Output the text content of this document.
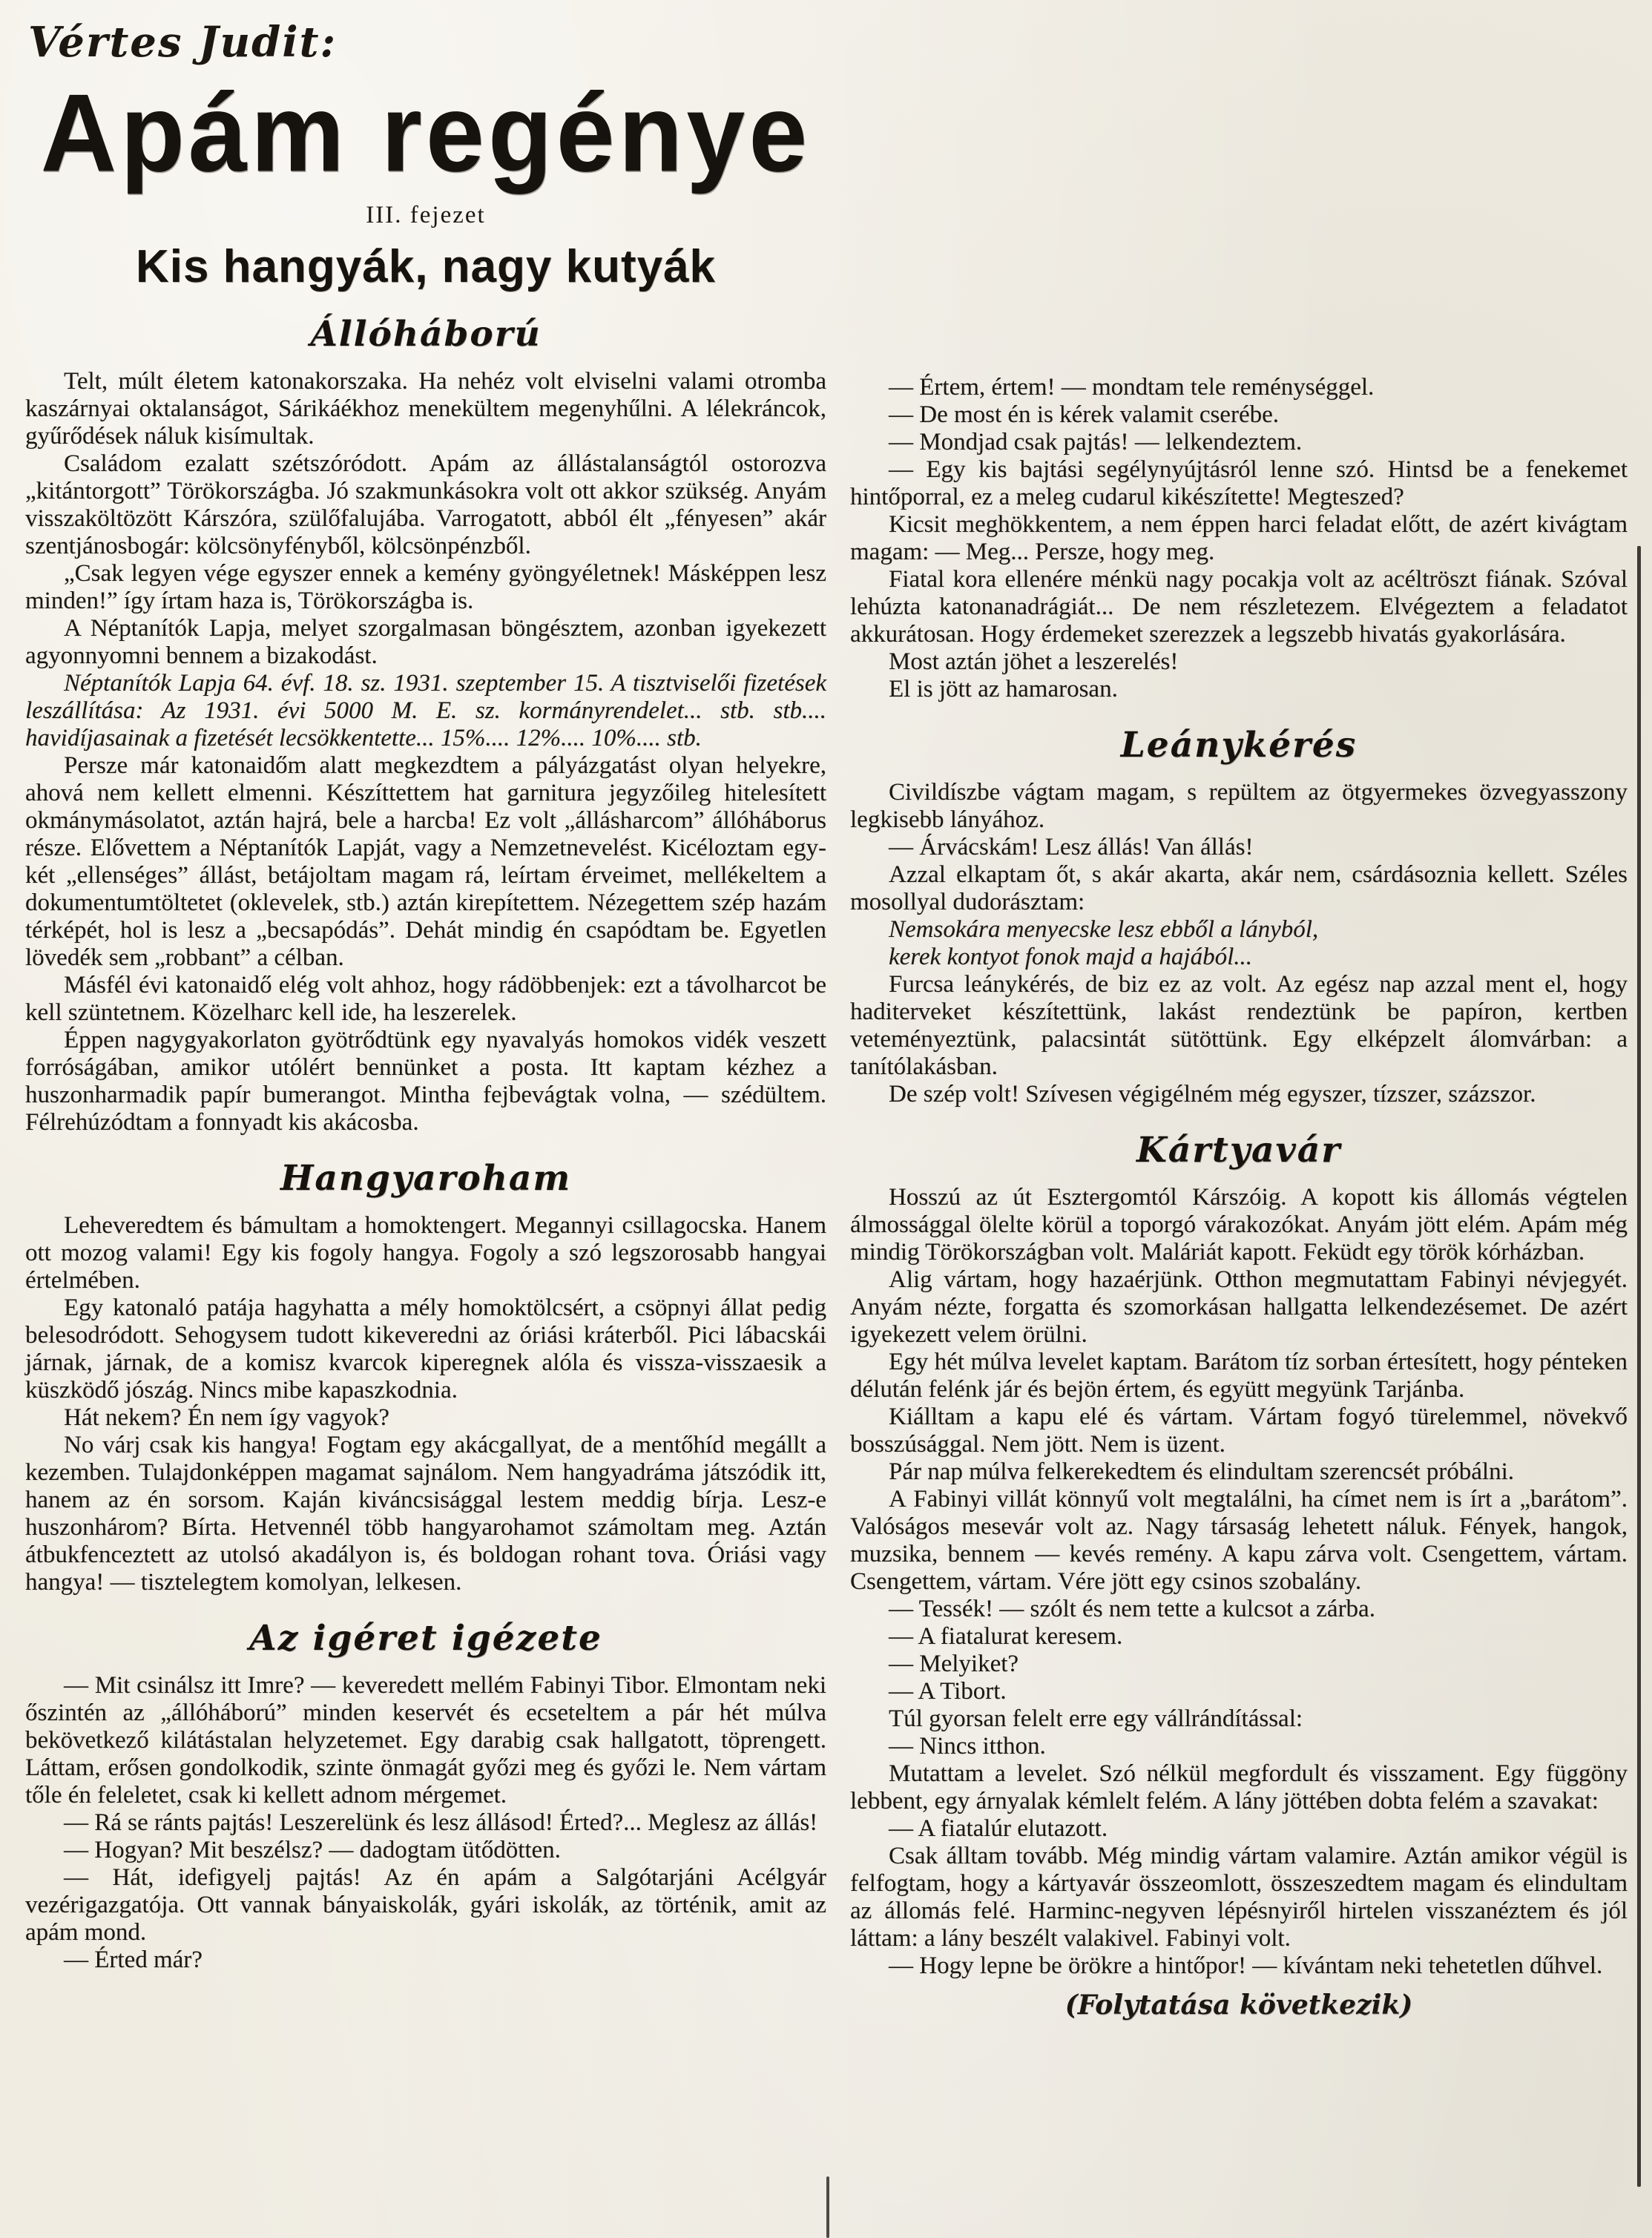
Vértes Judit:
Apám regénye
III. fejezet
Kis hangyák, nagy kutyák
Állóháború

Telt, múlt életem katonakorszaka. Ha nehéz volt elviselni valami otromba kaszárnyai oktalanságot, Sárikáékhoz menekültem megenyhűlni. A lélekráncok, gyűrődések náluk kisímultak.

Családom ezalatt szétszóródott. Apám az állástalanságtól ostorozva „kitántorgott” Törökországba. Jó szakmunkásokra volt ott akkor szükség. Anyám visszaköltözött Kárszóra, szülőfalujába. Varrogatott, abból élt „fényesen” akár szentjánosbogár: kölcsönyfényből, kölcsönpénzből.

„Csak legyen vége egyszer ennek a kemény gyöngyéletnek! Másképpen lesz minden!” így írtam haza is, Törökországba is.

A Néptanítók Lapja, melyet szorgalmasan böngésztem, azonban igyekezett agyonnyomni bennem a bizakodást.

Néptanítók Lapja 64. évf. 18. sz. 1931. szeptember 15. A tisztviselői fizetések leszállítása: Az 1931. évi 5000 M. E. sz. kormányrendelet... stb. stb.... havidíjasainak a fizetését lecsökkentette... 15%.... 12%.... 10%.... stb.

Persze már katonaidőm alatt megkezdtem a pályázgatást olyan helyekre, ahová nem kellett elmenni. Készíttettem hat garnitura jegyzőileg hitelesített okmánymásolatot, aztán hajrá, bele a harcba! Ez volt „állásharcom” állóháborus része. Elővettem a Néptanítók Lapját, vagy a Nemzetnevelést. Kicéloztam egy-két „ellenséges” állást, betájoltam magam rá, leírtam érveimet, mellékeltem a dokumentumtöltetet (oklevelek, stb.) aztán kirepítettem. Nézegettem szép hazám térképét, hol is lesz a „becsapódás”. Dehát mindig én csapódtam be. Egyetlen lövedék sem „robbant” a célban.

Másfél évi katonaidő elég volt ahhoz, hogy rádöbbenjek: ezt a távolharcot be kell szüntetnem. Közelharc kell ide, ha leszerelek.

Éppen nagygyakorlaton gyötrődtünk egy nyavalyás homokos vidék veszett forróságában, amikor utólért bennünket a posta. Itt kaptam kézhez a huszonharmadik papír bumerangot. Mintha fejbevágtak volna, — szédültem. Félrehúzódtam a fonnyadt kis akácosba.

Hangyaroham

Leheveredtem és bámultam a homoktengert. Megannyi csillagocska. Hanem ott mozog valami! Egy kis fogoly hangya. Fogoly a szó legszorosabb hangyai értelmében.

Egy katonaló patája hagyhatta a mély homoktölcsért, a csöpnyi állat pedig belesodródott. Sehogysem tudott kikeveredni az óriási kráterből. Pici lábacskái járnak, járnak, de a komisz kvarcok kiperegnek alóla és vissza-visszaesik a küszködő jószág. Nincs mibe kapaszkodnia.

Hát nekem? Én nem így vagyok?

No várj csak kis hangya! Fogtam egy akácgallyat, de a mentőhíd megállt a kezemben. Tulajdonképpen magamat sajnálom. Nem hangyadráma játszódik itt, hanem az én sorsom. Kaján kiváncsisággal lestem meddig bírja. Lesz-e huszonhárom? Bírta. Hetvennél több hangyarohamot számoltam meg. Aztán átbukfenceztett az utolsó akadályon is, és boldogan rohant tova. Óriási vagy hangya! — tisztelegtem komolyan, lelkesen.

Az igéret igézete

— Mit csinálsz itt Imre? — keveredett mellém Fabinyi Tibor. Elmontam neki őszintén az „állóháború” minden keservét és ecseteltem a pár hét múlva bekövetkező kilátástalan helyzetemet. Egy darabig csak hallgatott, töprengett. Láttam, erősen gondolkodik, szinte önmagát győzi meg és győzi le. Nem vártam tőle én feleletet, csak ki kellett adnom mérgemet.

— Rá se ránts pajtás! Leszerelünk és lesz állásod! Érted?... Meglesz az állás!

— Hogyan? Mit beszélsz? — dadogtam ütődötten.

— Hát, idefigyelj pajtás! Az én apám a Salgótarjáni Acélgyár vezérigazgatója. Ott vannak bányaiskolák, gyári iskolák, az történik, amit az apám mond.

— Érted már?

— Értem, értem! — mondtam tele reménységgel.

— De most én is kérek valamit cserébe.

— Mondjad csak pajtás! — lelkendeztem.

— Egy kis bajtási segélynyújtásról lenne szó. Hintsd be a fenekemet hintőporral, ez a meleg cudarul kikészítette! Megteszed?

Kicsit meghökkentem, a nem éppen harci feladat előtt, de azért kivágtam magam: — Meg... Persze, hogy meg.

Fiatal kora ellenére ménkü nagy pocakja volt az acéltröszt fiának. Szóval lehúzta katonanadrágiát... De nem részletezem. Elvégeztem a feladatot akkurátosan. Hogy érdemeket szerezzek a legszebb hivatás gyakorlására.

Most aztán jöhet a leszerelés!

El is jött az hamarosan.

Leánykérés

Civildíszbe vágtam magam, s repültem az ötgyermekes özvegyasszony legkisebb lányához.

— Árvácskám! Lesz állás! Van állás!

Azzal elkaptam őt, s akár akarta, akár nem, csárdásoznia kellett. Széles mosollyal dudorásztam:

Nemsokára menyecske lesz ebből a lányból,
kerek kontyot fonok majd a hajából...

Furcsa leánykérés, de biz ez az volt. Az egész nap azzal ment el, hogy haditerveket készítettünk, lakást rendeztünk be papíron, kertben veteményeztünk, palacsintát sütöttünk. Egy elképzelt álomvárban: a tanítólakásban.

De szép volt! Szívesen végigélném még egyszer, tízszer, százszor.

Kártyavár

Hosszú az út Esztergomtól Kárszóig. A kopott kis állomás végtelen álmossággal ölelte körül a toporgó várakozókat. Anyám jött elém. Apám még mindig Törökországban volt. Maláriát kapott. Feküdt egy török kórházban.

Alig vártam, hogy hazaérjünk. Otthon megmutattam Fabinyi névjegyét. Anyám nézte, forgatta és szomorkásan hallgatta lelkendezésemet. De azért igyekezett velem örülni.

Egy hét múlva levelet kaptam. Barátom tíz sorban értesített, hogy pénteken délután felénk jár és bejön értem, és együtt megyünk Tarjánba.

Kiálltam a kapu elé és vártam. Vártam fogyó türelemmel, növekvő bosszúsággal. Nem jött. Nem is üzent.

Pár nap múlva felkerekedtem és elindultam szerencsét próbálni.

A Fabinyi villát könnyű volt megtalálni, ha címet nem is írt a „barátom”. Valóságos mesevár volt az. Nagy társaság lehetett náluk. Fények, hangok, muzsika, bennem — kevés remény. A kapu zárva volt. Csengettem, vártam. Csengettem, vártam. Vére jött egy csinos szobalány.

— Tessék! — szólt és nem tette a kulcsot a zárba.

— A fiatalurat keresem.

— Melyiket?

— A Tibort.

Túl gyorsan felelt erre egy vállrándítással:

— Nincs itthon.

Mutattam a levelet. Szó nélkül megfordult és visszament. Egy függöny lebbent, egy árnyalak kémlelt felém. A lány jöttében dobta felém a szavakat:

— A fiatalúr elutazott.

Csak álltam tovább. Még mindig vártam valamire. Aztán amikor végül is felfogtam, hogy a kártyavár összeomlott, összeszedtem magam és elindultam az állomás felé. Harminc-negyven lépésnyiről hirtelen visszanéztem és jól láttam: a lány beszélt valakivel. Fabinyi volt.

— Hogy lepne be örökre a hintőpor! — kívántam neki tehetetlen dűhvel.

(Folytatása következik)
